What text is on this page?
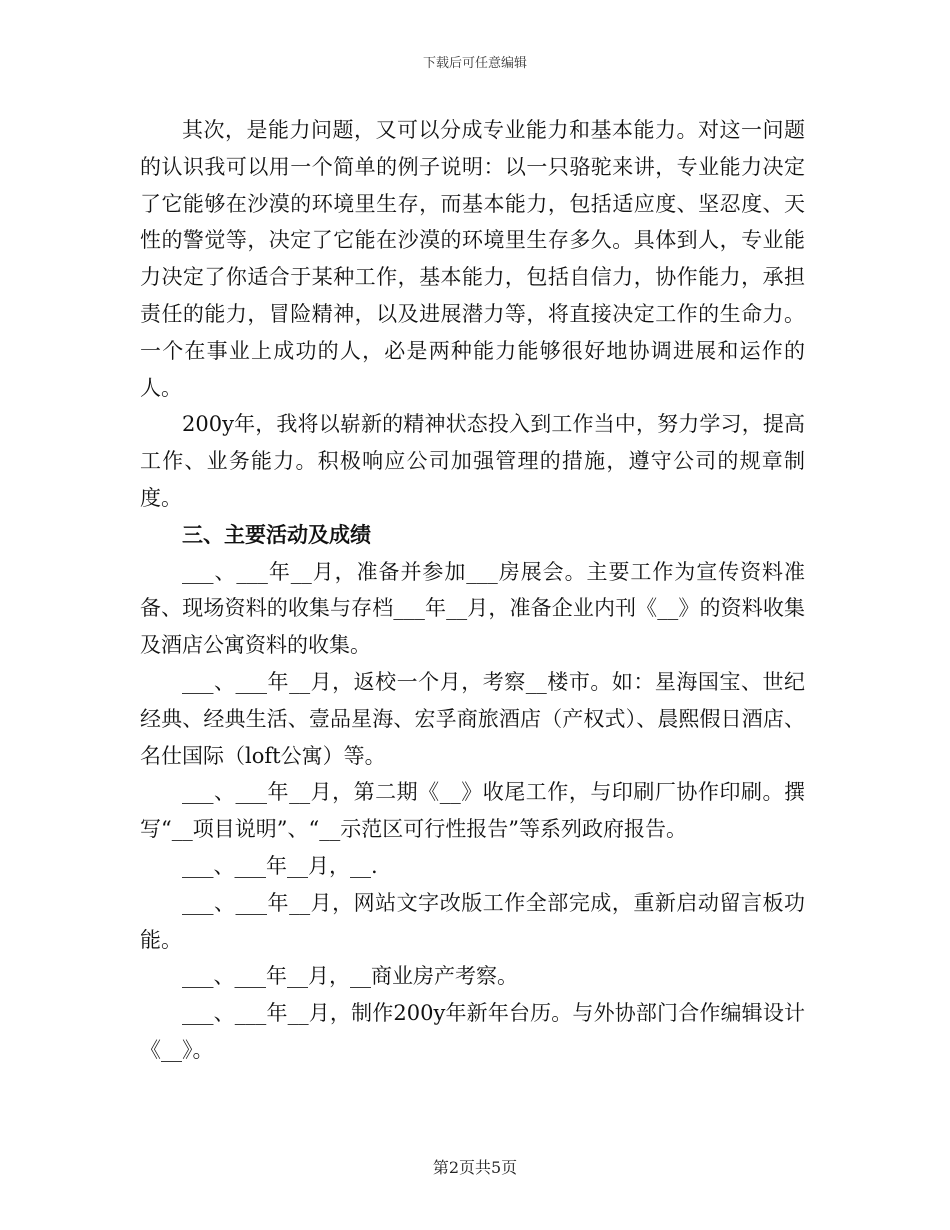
下载后可任意编辑

其次，是能力问题，又可以分成专业能力和基本能力。对这一问题的认识我可以用一个简单的例子说明：以一只骆驼来讲，专业能力决定了它能够在沙漠的环境里生存，而基本能力，包括适应度、坚忍度、天性的警觉等，决定了它能在沙漠的环境里生存多久。具体到人，专业能力决定了你适合于某种工作，基本能力，包括自信力，协作能力，承担责任的能力，冒险精神，以及进展潜力等，将直接决定工作的生命力。一个在事业上成功的人，必是两种能力能够很好地协调进展和运作的人。

200y年，我将以崭新的精神状态投入到工作当中，努力学习，提高工作、业务能力。积极响应公司加强管理的措施，遵守公司的规章制度。

三、主要活动及成绩

___、___年__月，准备并参加___房展会。主要工作为宣传资料准备、现场资料的收集与存档___年__月，准备企业内刊《__》的资料收集及酒店公寓资料的收集。

___、___年__月，返校一个月，考察__楼市。如：星海国宝、世纪经典、经典生活、壹品星海、宏孚商旅酒店（产权式）、晨熙假日酒店、名仕国际（loft公寓）等。

___、___年__月，第二期《__》收尾工作，与印刷厂协作印刷。撰写“__项目说明”、“__示范区可行性报告”等系列政府报告。

___、___年__月，__.

___、___年__月，网站文字改版工作全部完成，重新启动留言板功能。

___、___年__月，__商业房产考察。

___、___年__月，制作200y年新年台历。与外协部门合作编辑设计《__》。

第2页共5页
